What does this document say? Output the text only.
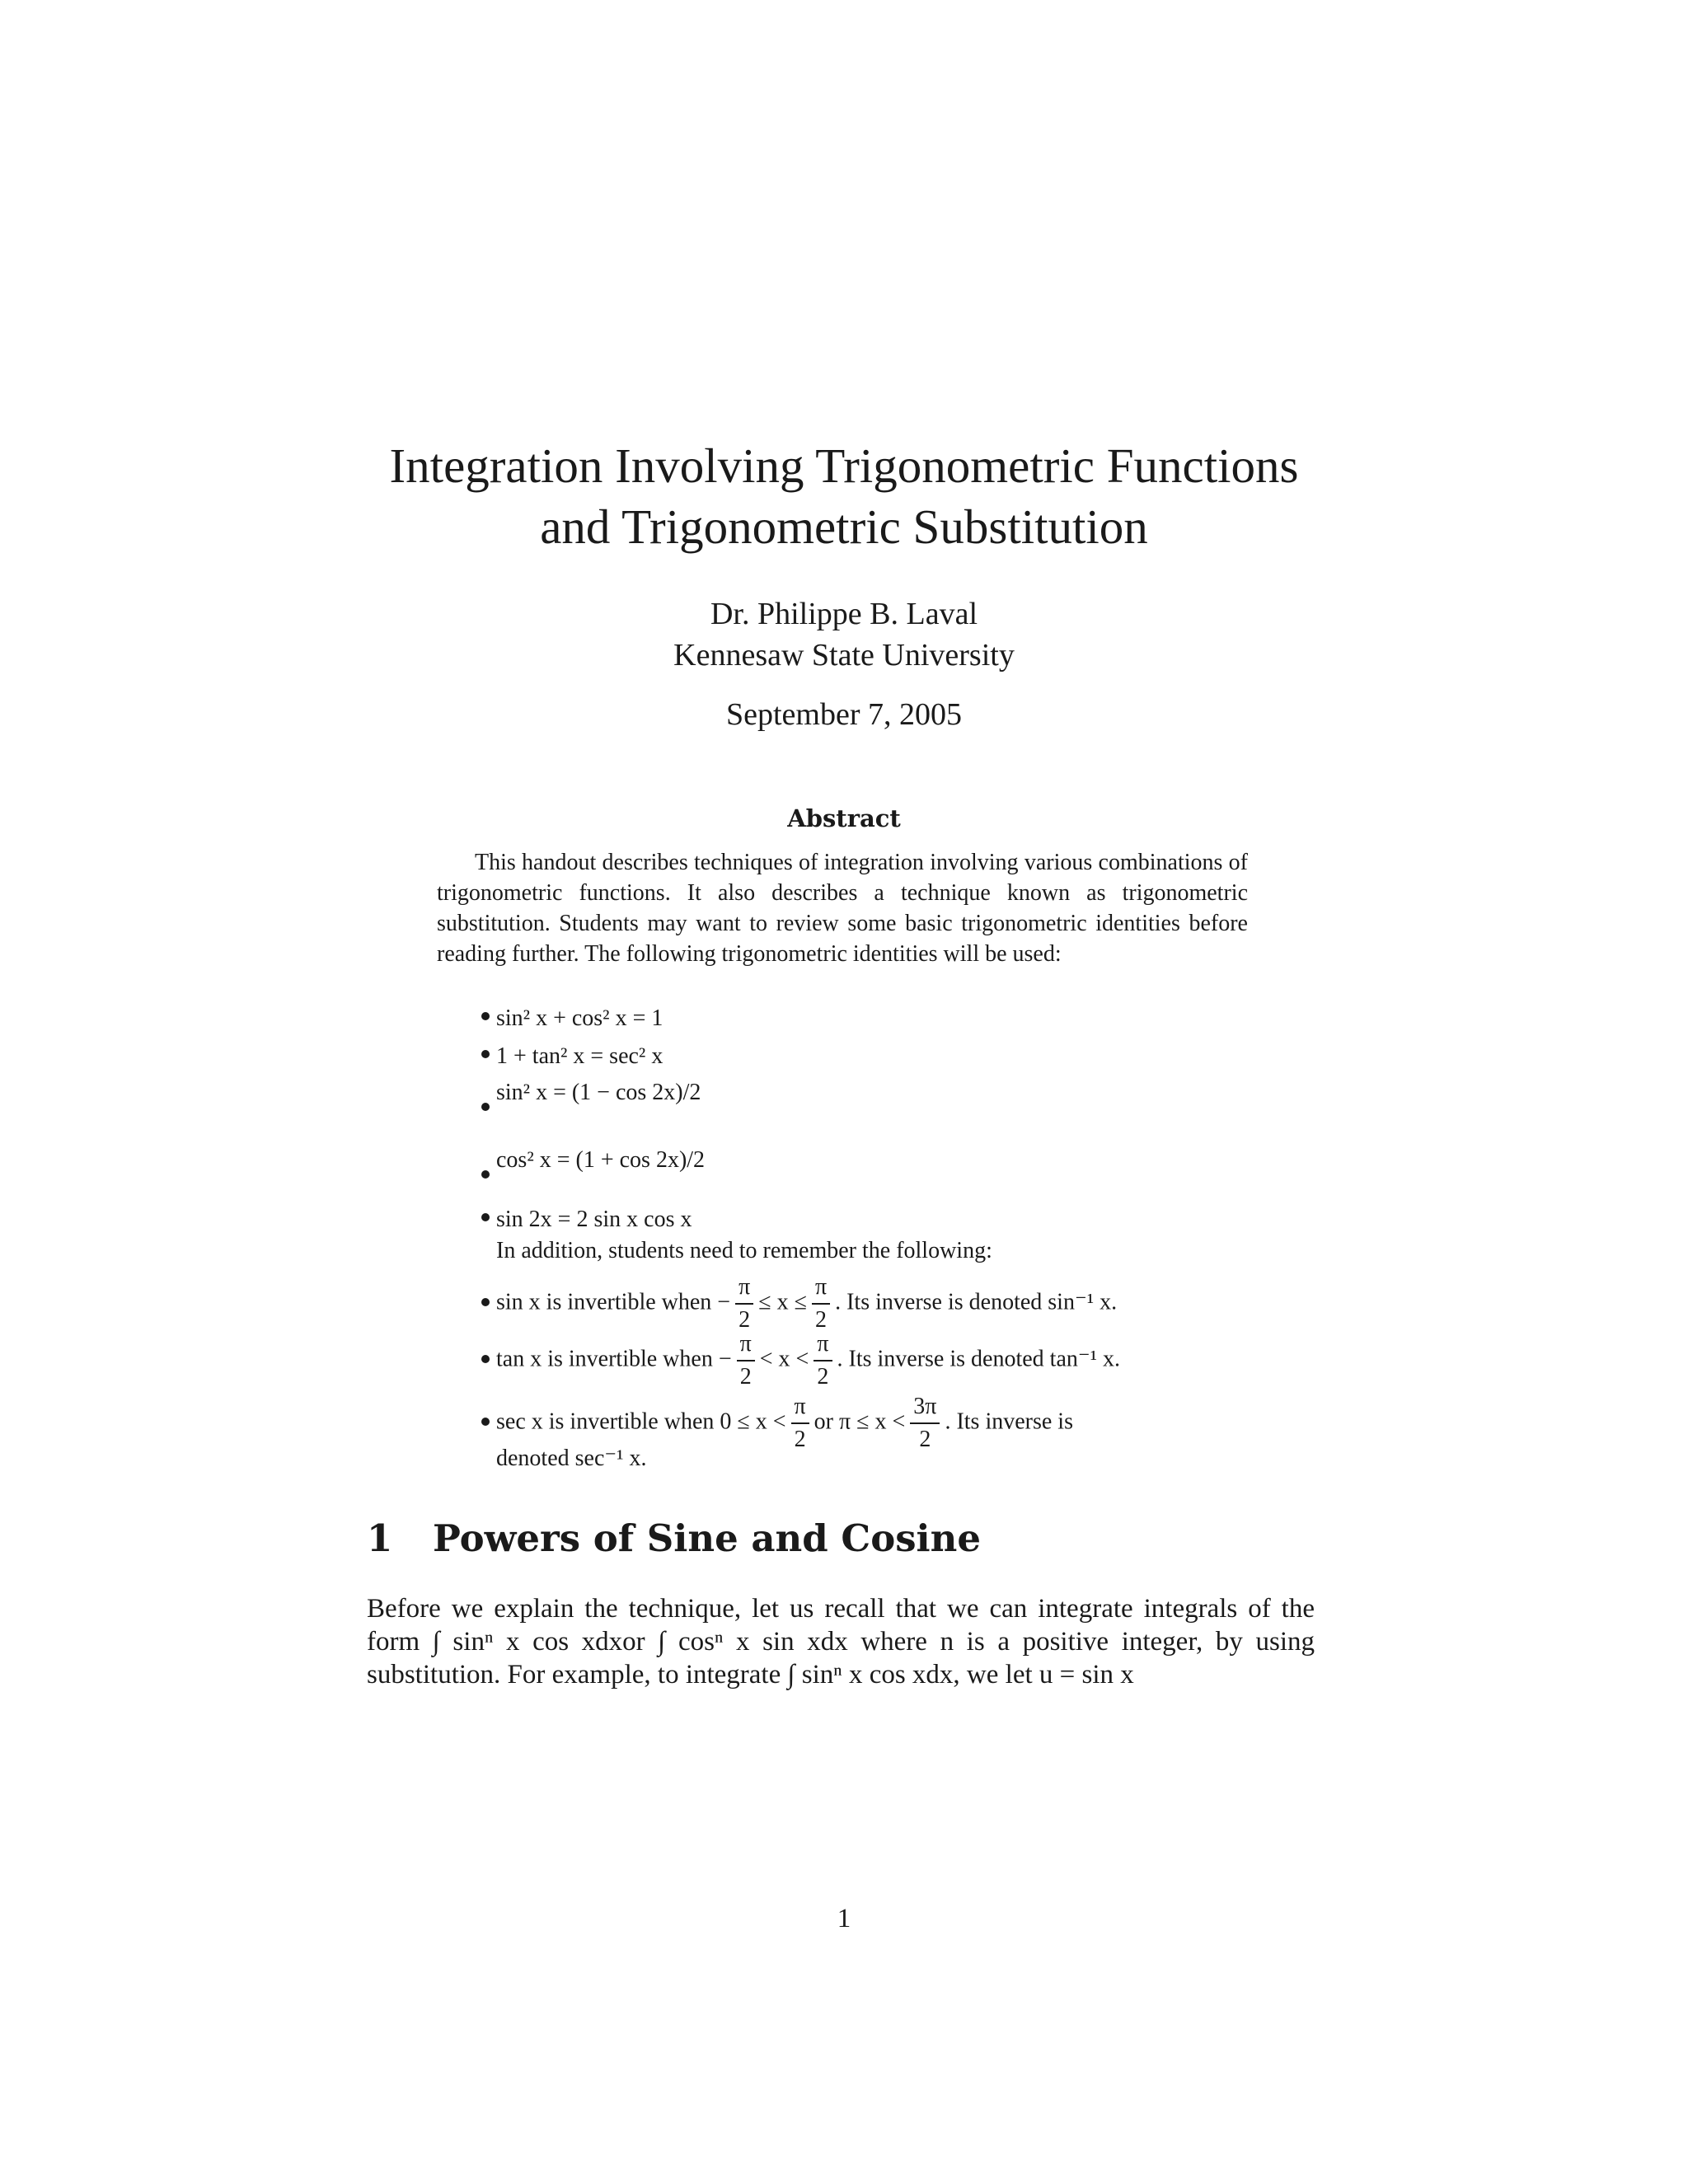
Integration Involving Trigonometric Functions
and Trigonometric Substitution
Dr. Philippe B. Laval
Kennesaw State University
September 7, 2005
Abstract
This handout describes techniques of integration involving various combinations of trigonometric functions. It also describes a technique known as trigonometric substitution. Students may want to review some basic trigonometric identities before reading further. The following trigonometric identities will be used:
sin² x + cos² x = 1
1 + tan² x = sec² x
sin² x = (1 − cos 2x)/2
cos² x = (1 + cos 2x)/2
sin 2x = 2 sin x cos x
In addition, students need to remember the following:
sin x is invertible when − $\frac{\pi}{2} \le x \le \frac{\pi}{2}$ . Its inverse is denoted sin⁻¹ x.
tan x is invertible when − $\frac{\pi}{2} < x < \frac{\pi}{2}$ . Its inverse is denoted tan⁻¹ x.
sec x is invertible when $0 \le x < \frac{\pi}{2}$ or $\pi \le x < \frac{3\pi}{2}$ . Its inverse is
denoted sec⁻¹ x.
1 Powers of Sine and Cosine
Before we explain the technique, let us recall that we can integrate integrals of the form ∫ sinⁿ x cos xdxor ∫ cosⁿ x sin xdx where n is a positive integer, by using substitution. For example, to integrate ∫ sinⁿ x cos xdx, we let u = sin x
1
